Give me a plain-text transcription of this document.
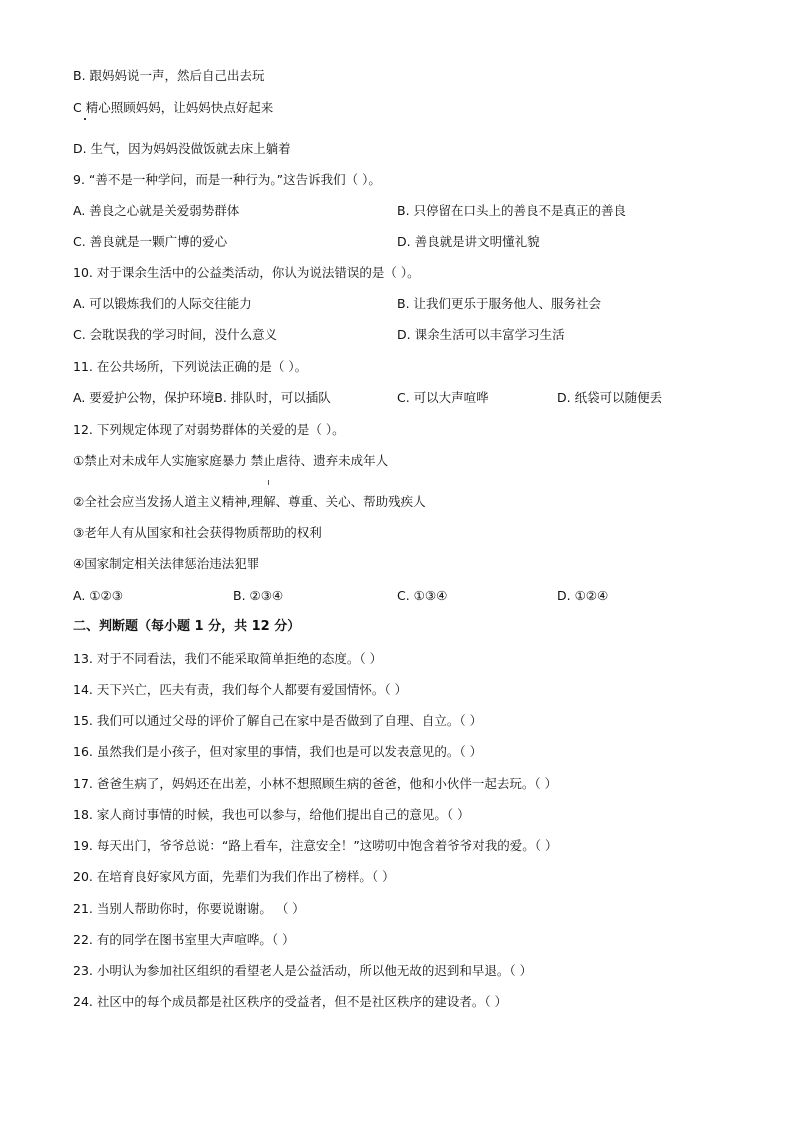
B. 跟妈妈说一声，然后自己出去玩
C 精心照顾妈妈，让妈妈快点好起来
D. 生气，因为妈妈没做饭就去床上躺着
9. “善不是一种学问，而是一种行为。”这告诉我们（ ）。
A. 善良之心就是关爱弱势群体	B. 只停留在口头上的善良不是真正的善良
C. 善良就是一颗广博的爱心	D. 善良就是讲文明懂礼貌
10. 对于课余生活中的公益类活动，你认为说法错误的是（ ）。
A. 可以锻炼我们的人际交往能力	B. 让我们更乐于服务他人、服务社会
C. 会耽误我的学习时间，没什么意义	D. 课余生活可以丰富学习生活
11. 在公共场所，下列说法正确的是（ ）。
A. 要爱护公物，保护环境B. 排队时，可以插队	C. 可以大声喧哗	D. 纸袋可以随便丢
12. 下列规定体现了对弱势群体的关爱的是（ ）。
①禁止对未成年人实施家庭暴力 禁止虐待、遗弃未成年人
②全社会应当发扬人道主义精神,理解、尊重、关心、帮助残疾人
③老年人有从国家和社会获得物质帮助的权利
④国家制定相关法律惩治违法犯罪
A. ①②③	B. ②③④	C. ①③④	D. ①②④
二、判断题（每小题 1 分，共 12 分）
13. 对于不同看法，我们不能采取简单拒绝的态度。（ ）
14. 天下兴亡，匹夫有责，我们每个人都要有爱国情怀。（ ）
15. 我们可以通过父母的评价了解自己在家中是否做到了自理、自立。（ ）
16. 虽然我们是小孩子，但对家里的事情，我们也是可以发表意见的。（ ）
17. 爸爸生病了，妈妈还在出差，小林不想照顾生病的爸爸，他和小伙伴一起去玩。（ ）
18. 家人商讨事情的时候，我也可以参与，给他们提出自己的意见。（ ）
19. 每天出门，爷爷总说：“路上看车，注意安全！”这唠叨中饱含着爷爷对我的爱。（ ）
20. 在培育良好家风方面，先辈们为我们作出了榜样。（ ）
21. 当别人帮助你时，你要说谢谢。 （ ）
22. 有的同学在图书室里大声喧哗。（ ）
23. 小明认为参加社区组织的看望老人是公益活动，所以他无故的迟到和早退。（ ）
24. 社区中的每个成员都是社区秩序的受益者，但不是社区秩序的建设者。（ ）
